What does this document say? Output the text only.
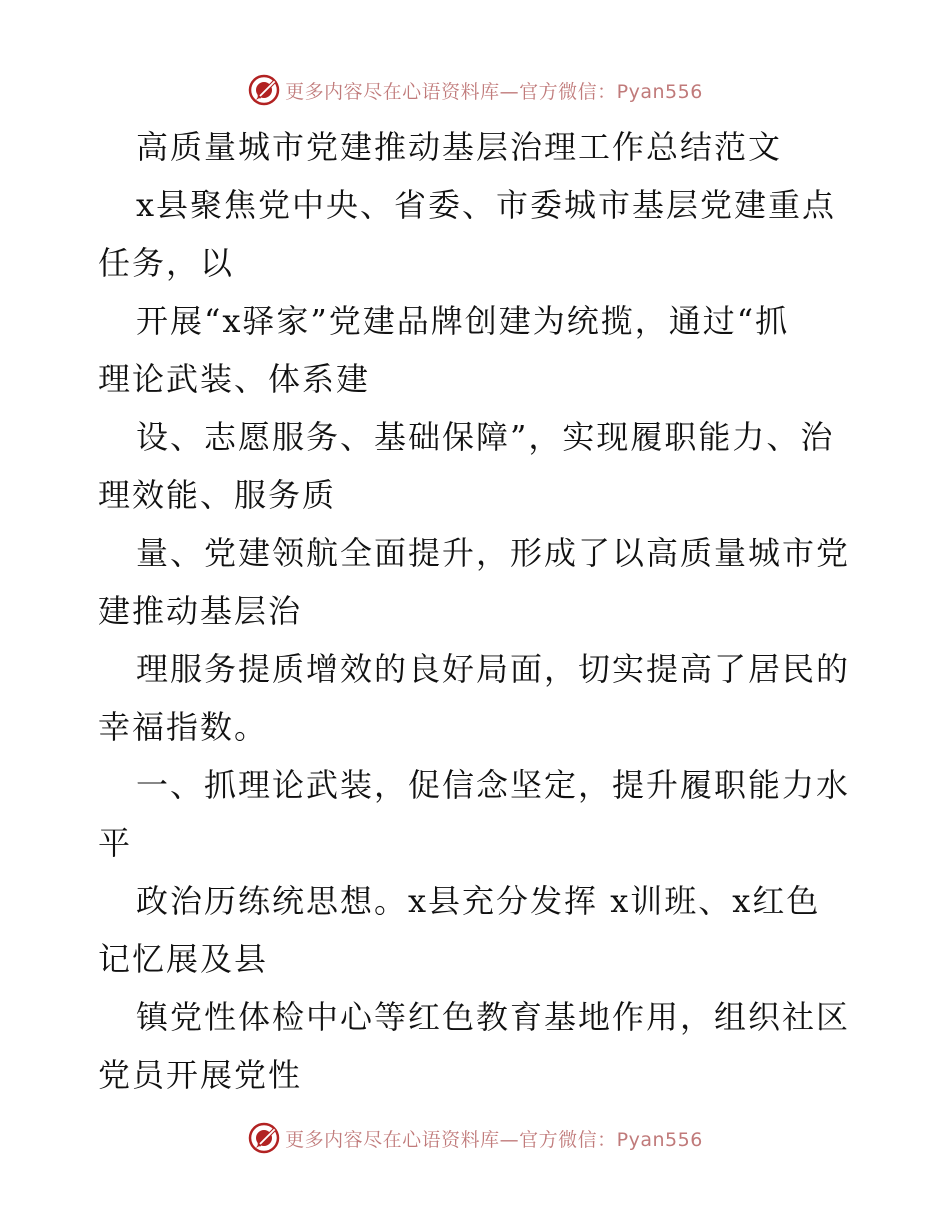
更多内容尽在心语资料库—官方微信：Pyan556
高质量城市党建推动基层治理工作总结范文
x县聚焦党中央、省委、市委城市基层党建重点
任务，以
开展“x驿家”党建品牌创建为统揽，通过“抓
理论武装、体系建
设、志愿服务、基础保障”，实现履职能力、治
理效能、服务质
量、党建领航全面提升，形成了以高质量城市党
建推动基层治
理服务提质增效的良好局面，切实提高了居民的
幸福指数。
一、抓理论武装，促信念坚定，提升履职能力水
平
政治历练统思想。x县充分发挥 x训班、x红色
记忆展及县
镇党性体检中心等红色教育基地作用，组织社区
党员开展党性
更多内容尽在心语资料库—官方微信：Pyan556
